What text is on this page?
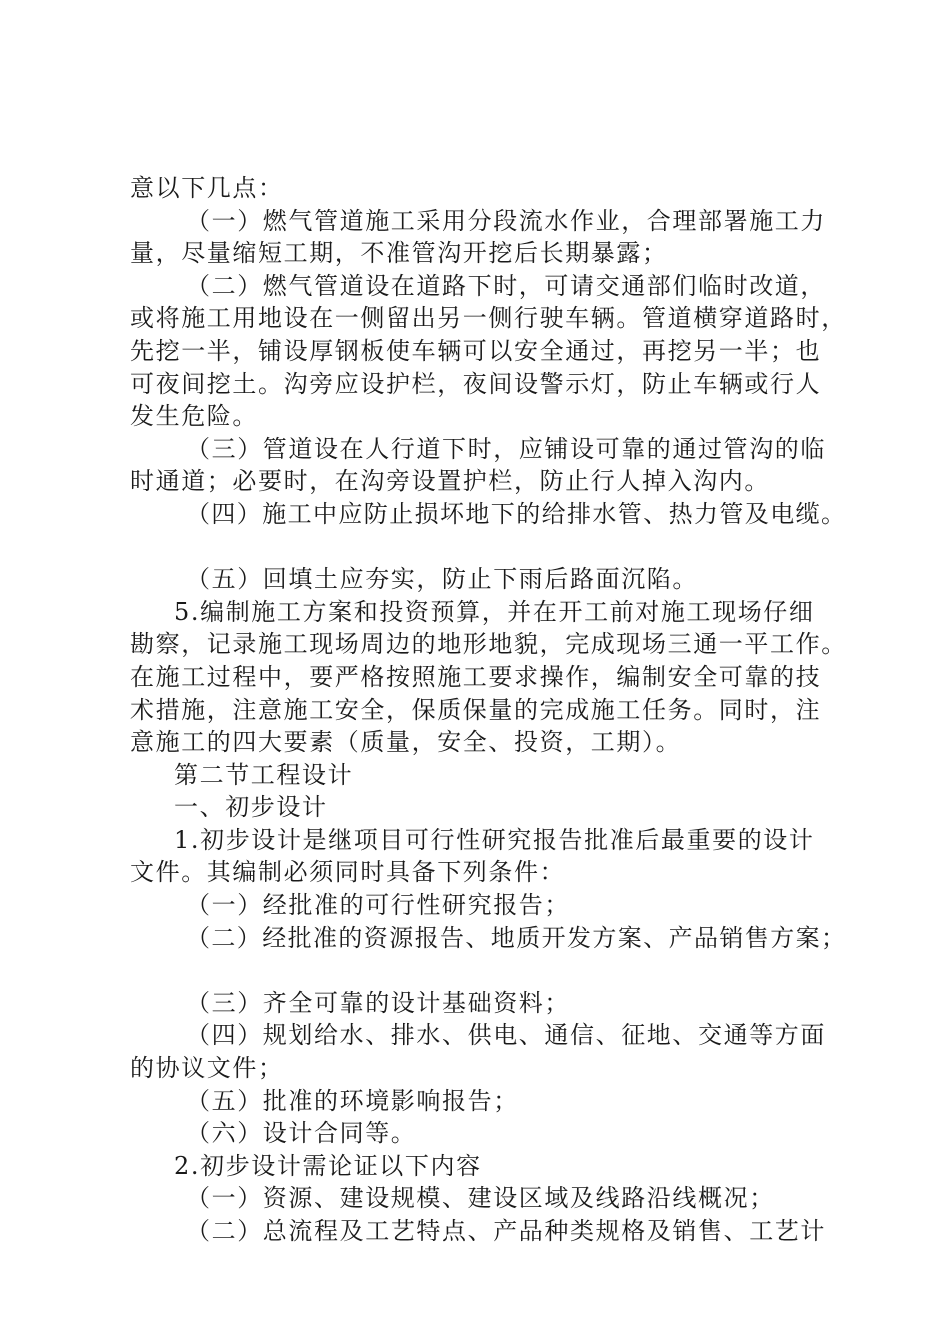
意以下几点：
（一）燃气管道施工采用分段流水作业，合理部署施工力
量，尽量缩短工期，不准管沟开挖后长期暴露；
（二）燃气管道设在道路下时，可请交通部们临时改道，
或将施工用地设在一侧留出另一侧行驶车辆。管道横穿道路时，
先挖一半，铺设厚钢板使车辆可以安全通过，再挖另一半；也
可夜间挖土。沟旁应设护栏，夜间设警示灯，防止车辆或行人
发生危险。
（三）管道设在人行道下时，应铺设可靠的通过管沟的临
时通道；必要时，在沟旁设置护栏，防止行人掉入沟内。
（四）施工中应防止损坏地下的给排水管、热力管及电缆。
（五）回填土应夯实，防止下雨后路面沉陷。
5.编制施工方案和投资预算，并在开工前对施工现场仔细
勘察，记录施工现场周边的地形地貌，完成现场三通一平工作。
在施工过程中，要严格按照施工要求操作，编制安全可靠的技
术措施，注意施工安全，保质保量的完成施工任务。同时，注
意施工的四大要素（质量，安全、投资，工期）。
第二节工程设计
一、初步设计
1.初步设计是继项目可行性研究报告批准后最重要的设计
文件。其编制必须同时具备下列条件：
（一）经批准的可行性研究报告；
（二）经批准的资源报告、地质开发方案、产品销售方案；
（三）齐全可靠的设计基础资料；
（四）规划给水、排水、供电、通信、征地、交通等方面
的协议文件；
（五）批准的环境影响报告；
（六）设计合同等。
2.初步设计需论证以下内容
（一）资源、建设规模、建设区域及线路沿线概况；
（二）总流程及工艺特点、产品种类规格及销售、工艺计
